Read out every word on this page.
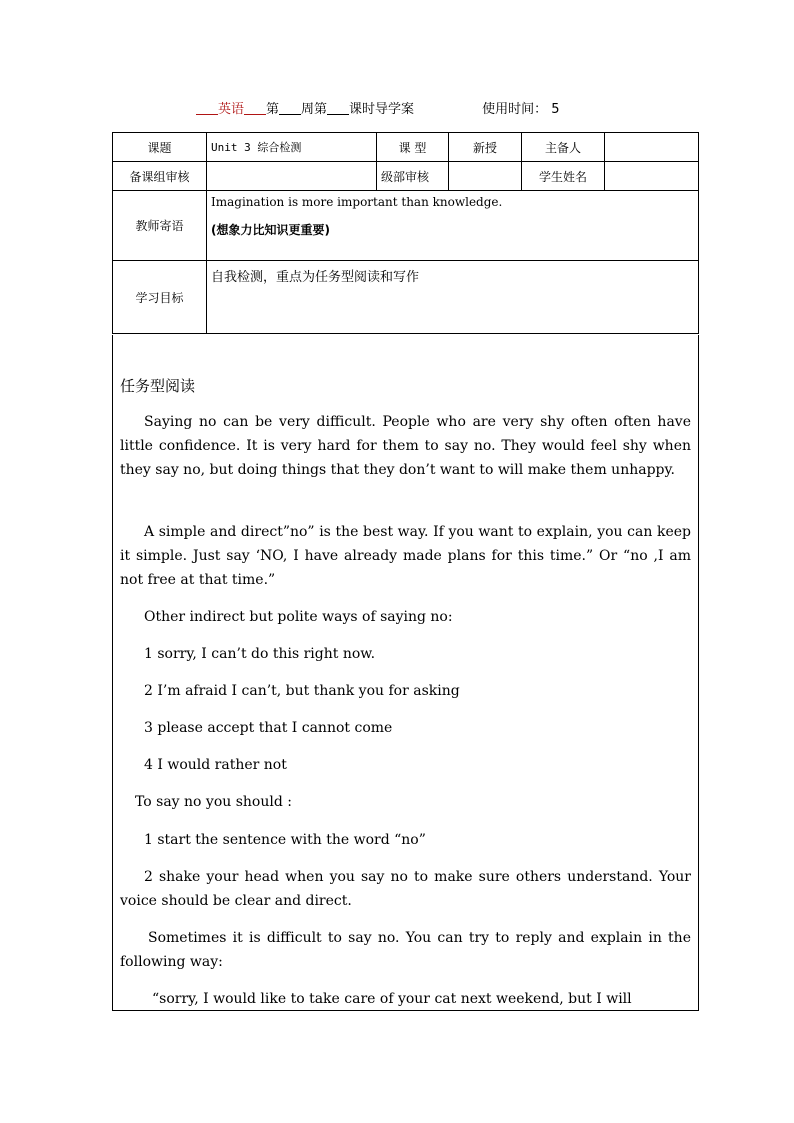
英语 第 周第 课时导学案	使用时间： 5
课题	Unit 3 综合检测	课 型	新授	主备人	
备课组审核		级部审核		学生姓名	
教师寄语	Imagination is more important than knowledge.
(想象力比知识更重要)				

学习目标	自我检测，重点为任务型阅读和写作				
任务型阅读
Saying no can be very difficult. People who are very shy often often have little confidence. It is very hard for them to say no. They would feel shy when they say no, but doing things that they don’t want to will make them unhappy.
A simple and direct”no” is the best way. If you want to explain, you can keep it simple. Just say ‘NO, I have already made plans for this time.” Or “no ,I am not free at that time.”
Other indirect but polite ways of saying no:
1 sorry, I can’t do this right now.
2 I’m afraid I can’t, but thank you for asking
3 please accept that I cannot come
4 I would rather not
To say no you should :
1 start the sentence with the word “no”
2 shake your head when you say no to make sure others understand. Your voice should be clear and direct.
Sometimes it is difficult to say no. You can try to reply and explain in the following way:
“sorry, I would like to take care of your cat next weekend, but I will
